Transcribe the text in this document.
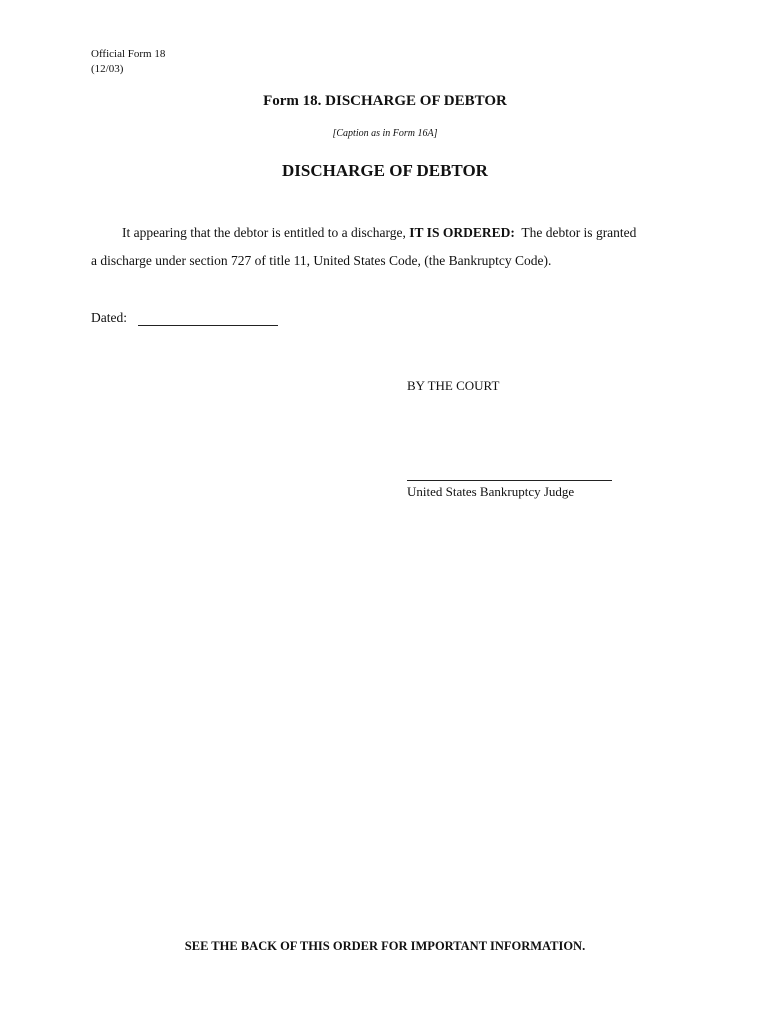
Official Form 18
(12/03)
Form 18. DISCHARGE OF DEBTOR
[Caption as in Form 16A]
DISCHARGE OF DEBTOR
It appearing that the debtor is entitled to a discharge, IT IS ORDERED:  The debtor is granted
a discharge under section 727 of title 11, United States Code, (the Bankruptcy Code).
Dated:
BY THE COURT
United States Bankruptcy Judge
SEE THE BACK OF THIS ORDER FOR IMPORTANT INFORMATION.
